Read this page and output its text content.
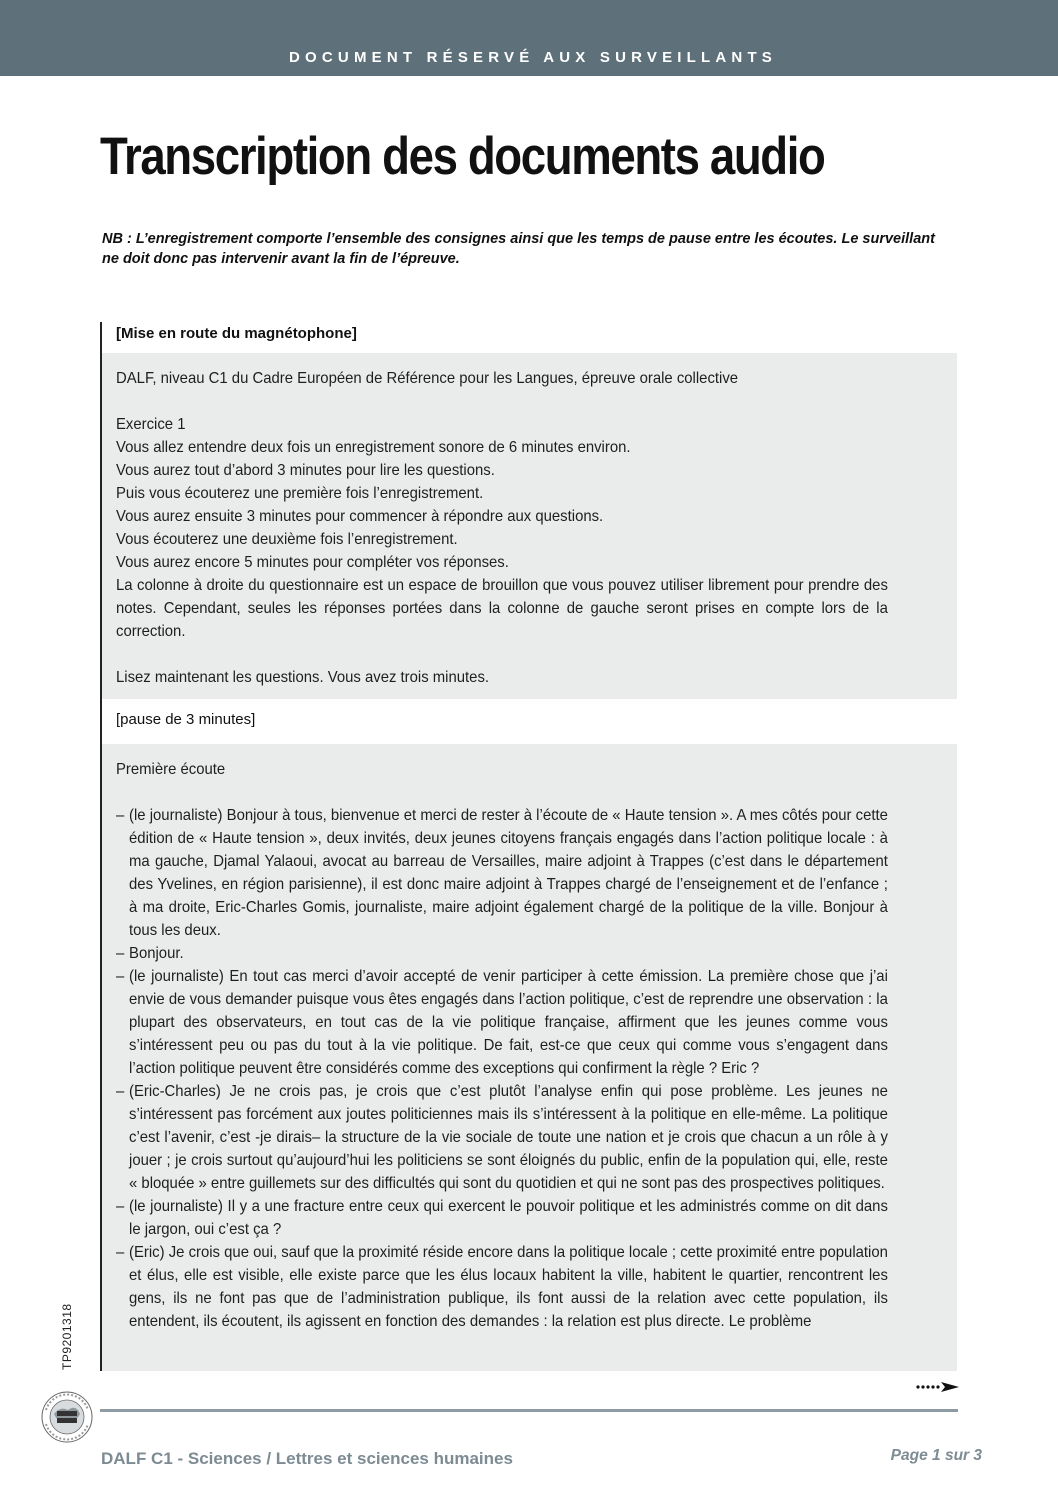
DOCUMENT RÉSERVÉ AUX SURVEILLANTS
Transcription des documents audio

NB : L’enregistrement comporte l’ensemble des consignes ainsi que les temps de pause entre les écoutes. Le surveillant ne doit donc pas intervenir avant la fin de l’épreuve.

[Mise en route du magnétophone]

DALF, niveau C1 du Cadre Européen de Référence pour les Langues, épreuve orale collective

Exercice 1

Vous allez entendre deux fois un enregistrement sonore de 6 minutes environ.

Vous aurez tout d’abord 3 minutes pour lire les questions.

Puis vous écouterez une première fois l’enregistrement.

Vous aurez ensuite 3 minutes pour commencer à répondre aux questions.

Vous écouterez une deuxième fois l’enregistrement.

Vous aurez encore 5 minutes pour compléter vos réponses.

La colonne à droite du questionnaire est un espace de brouillon que vous pouvez utiliser librement pour prendre des notes. Cependant, seules les réponses portées dans la colonne de gauche seront prises en compte lors de la correction.

Lisez maintenant les questions. Vous avez trois minutes.

[pause de 3 minutes]

Première écoute

– (le journaliste) Bonjour à tous, bienvenue et merci de rester à l’écoute de « Haute tension ». A mes côtés pour cette édition de « Haute tension », deux invités, deux jeunes citoyens français engagés dans l’action politique locale : à ma gauche, Djamal Yalaoui, avocat au barreau de Versailles, maire adjoint à Trappes (c’est dans le département des Yvelines, en région parisienne), il est donc maire adjoint à Trappes chargé de l’enseignement et de l’enfance ; à ma droite, Eric-Charles Gomis, journaliste, maire adjoint également chargé de la politique de la ville. Bonjour à tous les deux.
– Bonjour.
– (le journaliste) En tout cas merci d’avoir accepté de venir participer à cette émission. La première chose que j’ai envie de vous demander puisque vous êtes engagés dans l’action politique, c’est de reprendre une observation : la plupart des observateurs, en tout cas de la vie politique française, affirment que les jeunes comme vous s’intéressent peu ou pas du tout à la vie politique. De fait, est-ce que ceux qui comme vous s’engagent dans l’action politique peuvent être considérés comme des exceptions qui confirment la règle ? Eric ?
– (Eric-Charles) Je ne crois pas, je crois que c’est plutôt l’analyse enfin qui pose problème. Les jeunes ne s’intéressent pas forcément aux joutes politiciennes mais ils s’intéressent à la politique en elle-même. La politique c’est l’avenir, c’est -je dirais– la structure de la vie sociale de toute une nation et je crois que chacun a un rôle à y jouer ; je crois surtout qu’aujourd’hui les politiciens se sont éloignés du public, enfin de la population qui, elle, reste « bloquée » entre guillemets sur des difficultés qui sont du quotidien et qui ne sont pas des prospectives politiques.
– (le journaliste) Il y a une fracture entre ceux qui exercent le pouvoir politique et les administrés comme on dit dans le jargon, oui c’est ça ?
– (Eric) Je crois que oui, sauf que la proximité réside encore dans la politique locale ; cette proximité entre population et élus, elle est visible, elle existe parce que les élus locaux habitent la ville, habitent le quartier, rencontrent les gens, ils ne font pas que de l’administration publique, ils font aussi de la relation avec cette population, ils entendent, ils écoutent, ils agissent en fonction des demandes : la relation est plus directe. Le problème
TP9201318

DALF C1 - Sciences / Lettres et sciences humaines	Page 1 sur 3
